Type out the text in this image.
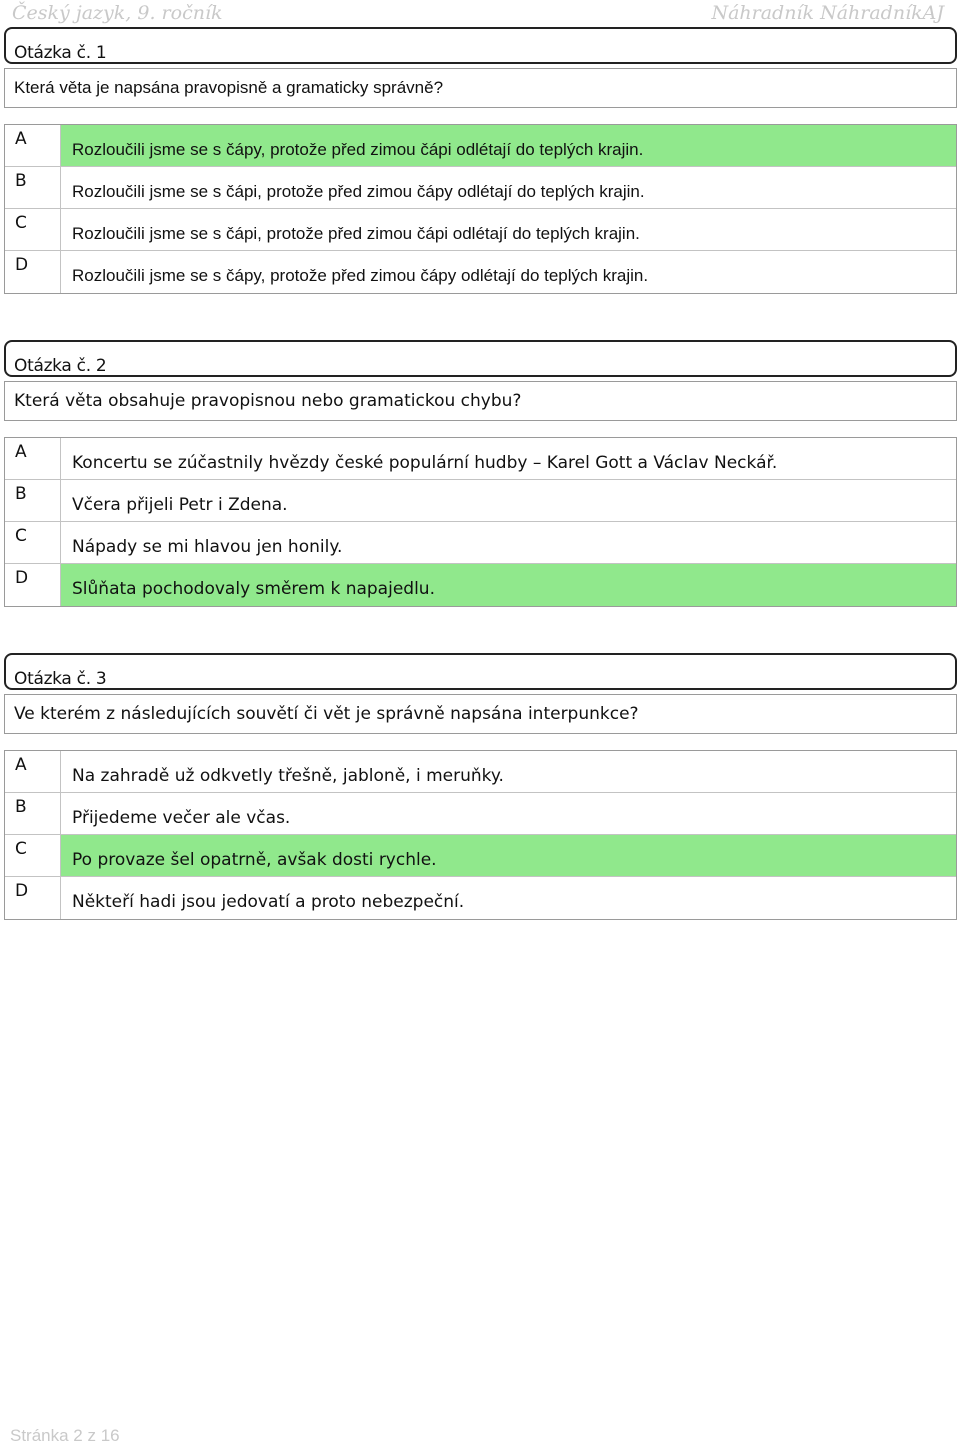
Český jazyk, 9. ročník	Náhradník NáhradníkAJ
Otázka č. 1
Která věta je napsána pravopisně a gramaticky správně?
A
Rozloučili jsme se s čápy, protože před zimou čápi odlétají do teplých krajin.
B
Rozloučili jsme se s čápi, protože před zimou čápy odlétají do teplých krajin.
C
Rozloučili jsme se s čápi, protože před zimou čápi odlétají do teplých krajin.
D
Rozloučili jsme se s čápy, protože před zimou čápy odlétají do teplých krajin.
Otázka č. 2
Která věta obsahuje pravopisnou nebo gramatickou chybu?
A
Koncertu se zúčastnily hvězdy české populární hudby – Karel Gott a Václav Neckář.
B
Včera přijeli Petr i Zdena.
C
Nápady se mi hlavou jen honily.
D
Slůňata pochodovaly směrem k napajedlu.
Otázka č. 3
Ve kterém z následujících souvětí či vět je správně napsána interpunkce?
A
Na zahradě už odkvetly třešně, jabloně, i meruňky.
B
Přijedeme večer ale včas.
C
Po provaze šel opatrně, avšak dosti rychle.
D
Někteří hadi jsou jedovatí a proto nebezpeční.
Stránka 2 z 16
